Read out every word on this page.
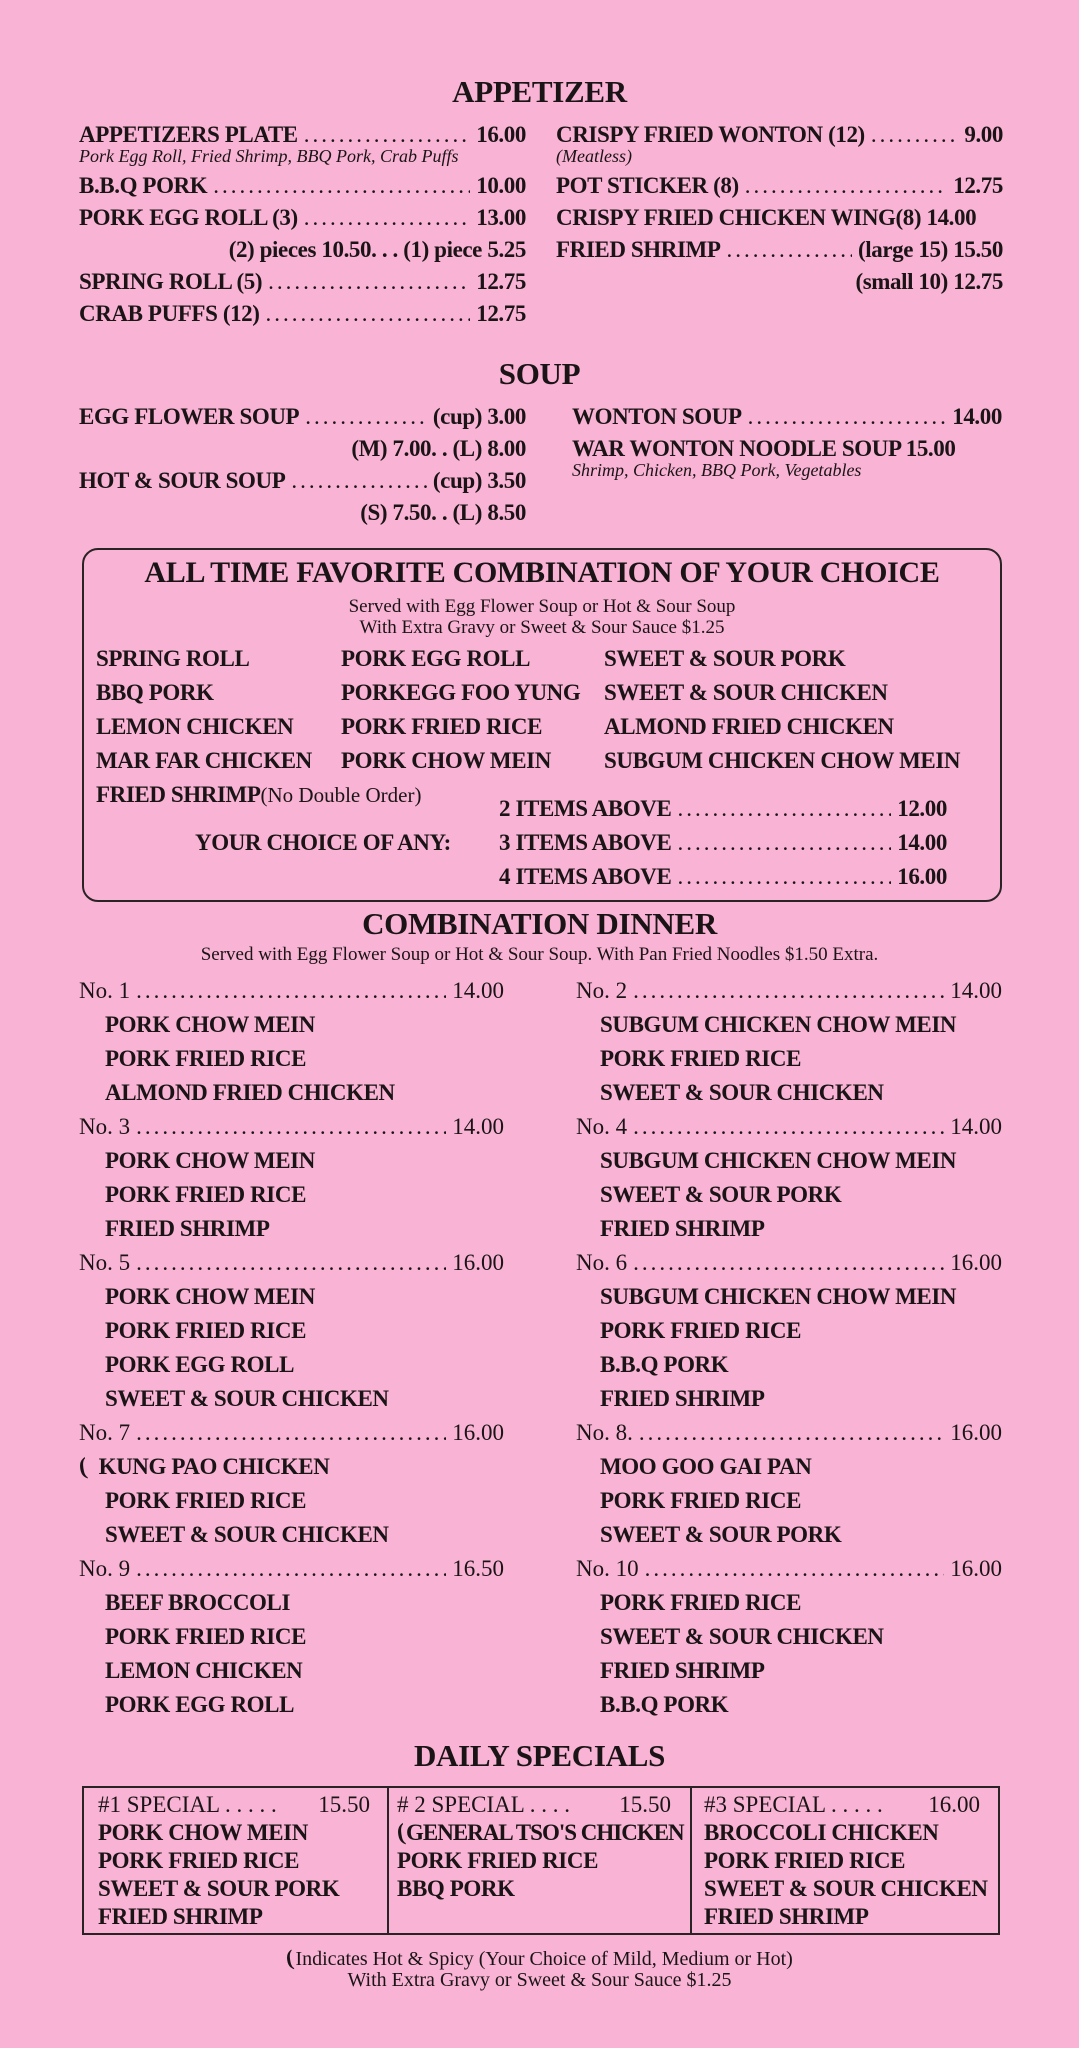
APPETIZER
APPETIZERS PLATE .....	16.00
Pork Egg Roll, Fried Shrimp, BBQ Pork, Crab Puffs
B.B.Q PORK .....	10.00
PORK EGG ROLL (3) .....	13.00
(2) pieces 10.50. . . (1) piece 5.25
SPRING ROLL (5) .....	12.75
CRAB PUFFS (12) .....	12.75
CRISPY FRIED WONTON (12) .....	9.00
(Meatless)
POT STICKER (8) .....	12.75
CRISPY FRIED CHICKEN WING(8) 14.00
FRIED SHRIMP .....	(large 15) 15.50
(small 10) 12.75
SOUP
EGG FLOWER SOUP .....	(cup) 3.00
(M) 7.00. . (L) 8.00
HOT & SOUR SOUP .....	(cup) 3.50
(S) 7.50. . (L) 8.50
WONTON SOUP .....	14.00
WAR WONTON NOODLE SOUP 15.00
Shrimp, Chicken, BBQ Pork, Vegetables
ALL TIME FAVORITE COMBINATION OF YOUR CHOICE
Served with Egg Flower Soup or Hot & Sour Soup
With Extra Gravy or Sweet & Sour Sauce $1.25
SPRING ROLL
BBQ PORK
LEMON CHICKEN
MAR FAR CHICKEN
PORK EGG ROLL
PORKEGG FOO YUNG
PORK FRIED RICE
PORK CHOW MEIN
SWEET & SOUR PORK
SWEET & SOUR CHICKEN
ALMOND FRIED CHICKEN
SUBGUM CHICKEN CHOW MEIN
FRIED SHRIMP(No Double Order)
YOUR CHOICE OF ANY:
2 ITEMS ABOVE .....	12.00
3 ITEMS ABOVE .....	14.00
4 ITEMS ABOVE .....	16.00
COMBINATION DINNER
Served with Egg Flower Soup or Hot & Sour Soup. With Pan Fried Noodles $1.50 Extra.
No. 1 .....	14.00
PORK CHOW MEIN
PORK FRIED RICE
ALMOND FRIED CHICKEN
No. 3 .....	14.00
PORK CHOW MEIN
PORK FRIED RICE
FRIED SHRIMP
No. 5 .....	16.00
PORK CHOW MEIN
PORK FRIED RICE
PORK EGG ROLL
SWEET & SOUR CHICKEN
No. 7 .....	16.00
( KUNG PAO CHICKEN
PORK FRIED RICE
SWEET & SOUR CHICKEN
No. 9 .....	16.50
BEEF BROCCOLI
PORK FRIED RICE
LEMON CHICKEN
PORK EGG ROLL
No. 2 .....	14.00
SUBGUM CHICKEN CHOW MEIN
PORK FRIED RICE
SWEET & SOUR CHICKEN
No. 4 .....	14.00
SUBGUM CHICKEN CHOW MEIN
SWEET & SOUR PORK
FRIED SHRIMP
No. 6 .....	16.00
SUBGUM CHICKEN CHOW MEIN
PORK FRIED RICE
B.B.Q PORK
FRIED SHRIMP
No. 8. .....	16.00
MOO GOO GAI PAN
PORK FRIED RICE
SWEET & SOUR PORK
No. 10 .....	16.00
PORK FRIED RICE
SWEET & SOUR CHICKEN
FRIED SHRIMP
B.B.Q PORK
DAILY SPECIALS
#1 SPECIAL . . . . . 15.50
PORK CHOW MEIN
PORK FRIED RICE
SWEET & SOUR PORK
FRIED SHRIMP
# 2 SPECIAL . . . . 15.50
(GENERAL TSO'S CHICKEN
PORK FRIED RICE
BBQ PORK
#3 SPECIAL . . . . . 16.00
BROCCOLI CHICKEN
PORK FRIED RICE
SWEET & SOUR CHICKEN
FRIED SHRIMP
(Indicates Hot & Spicy (Your Choice of Mild, Medium or Hot)
With Extra Gravy or Sweet & Sour Sauce $1.25
